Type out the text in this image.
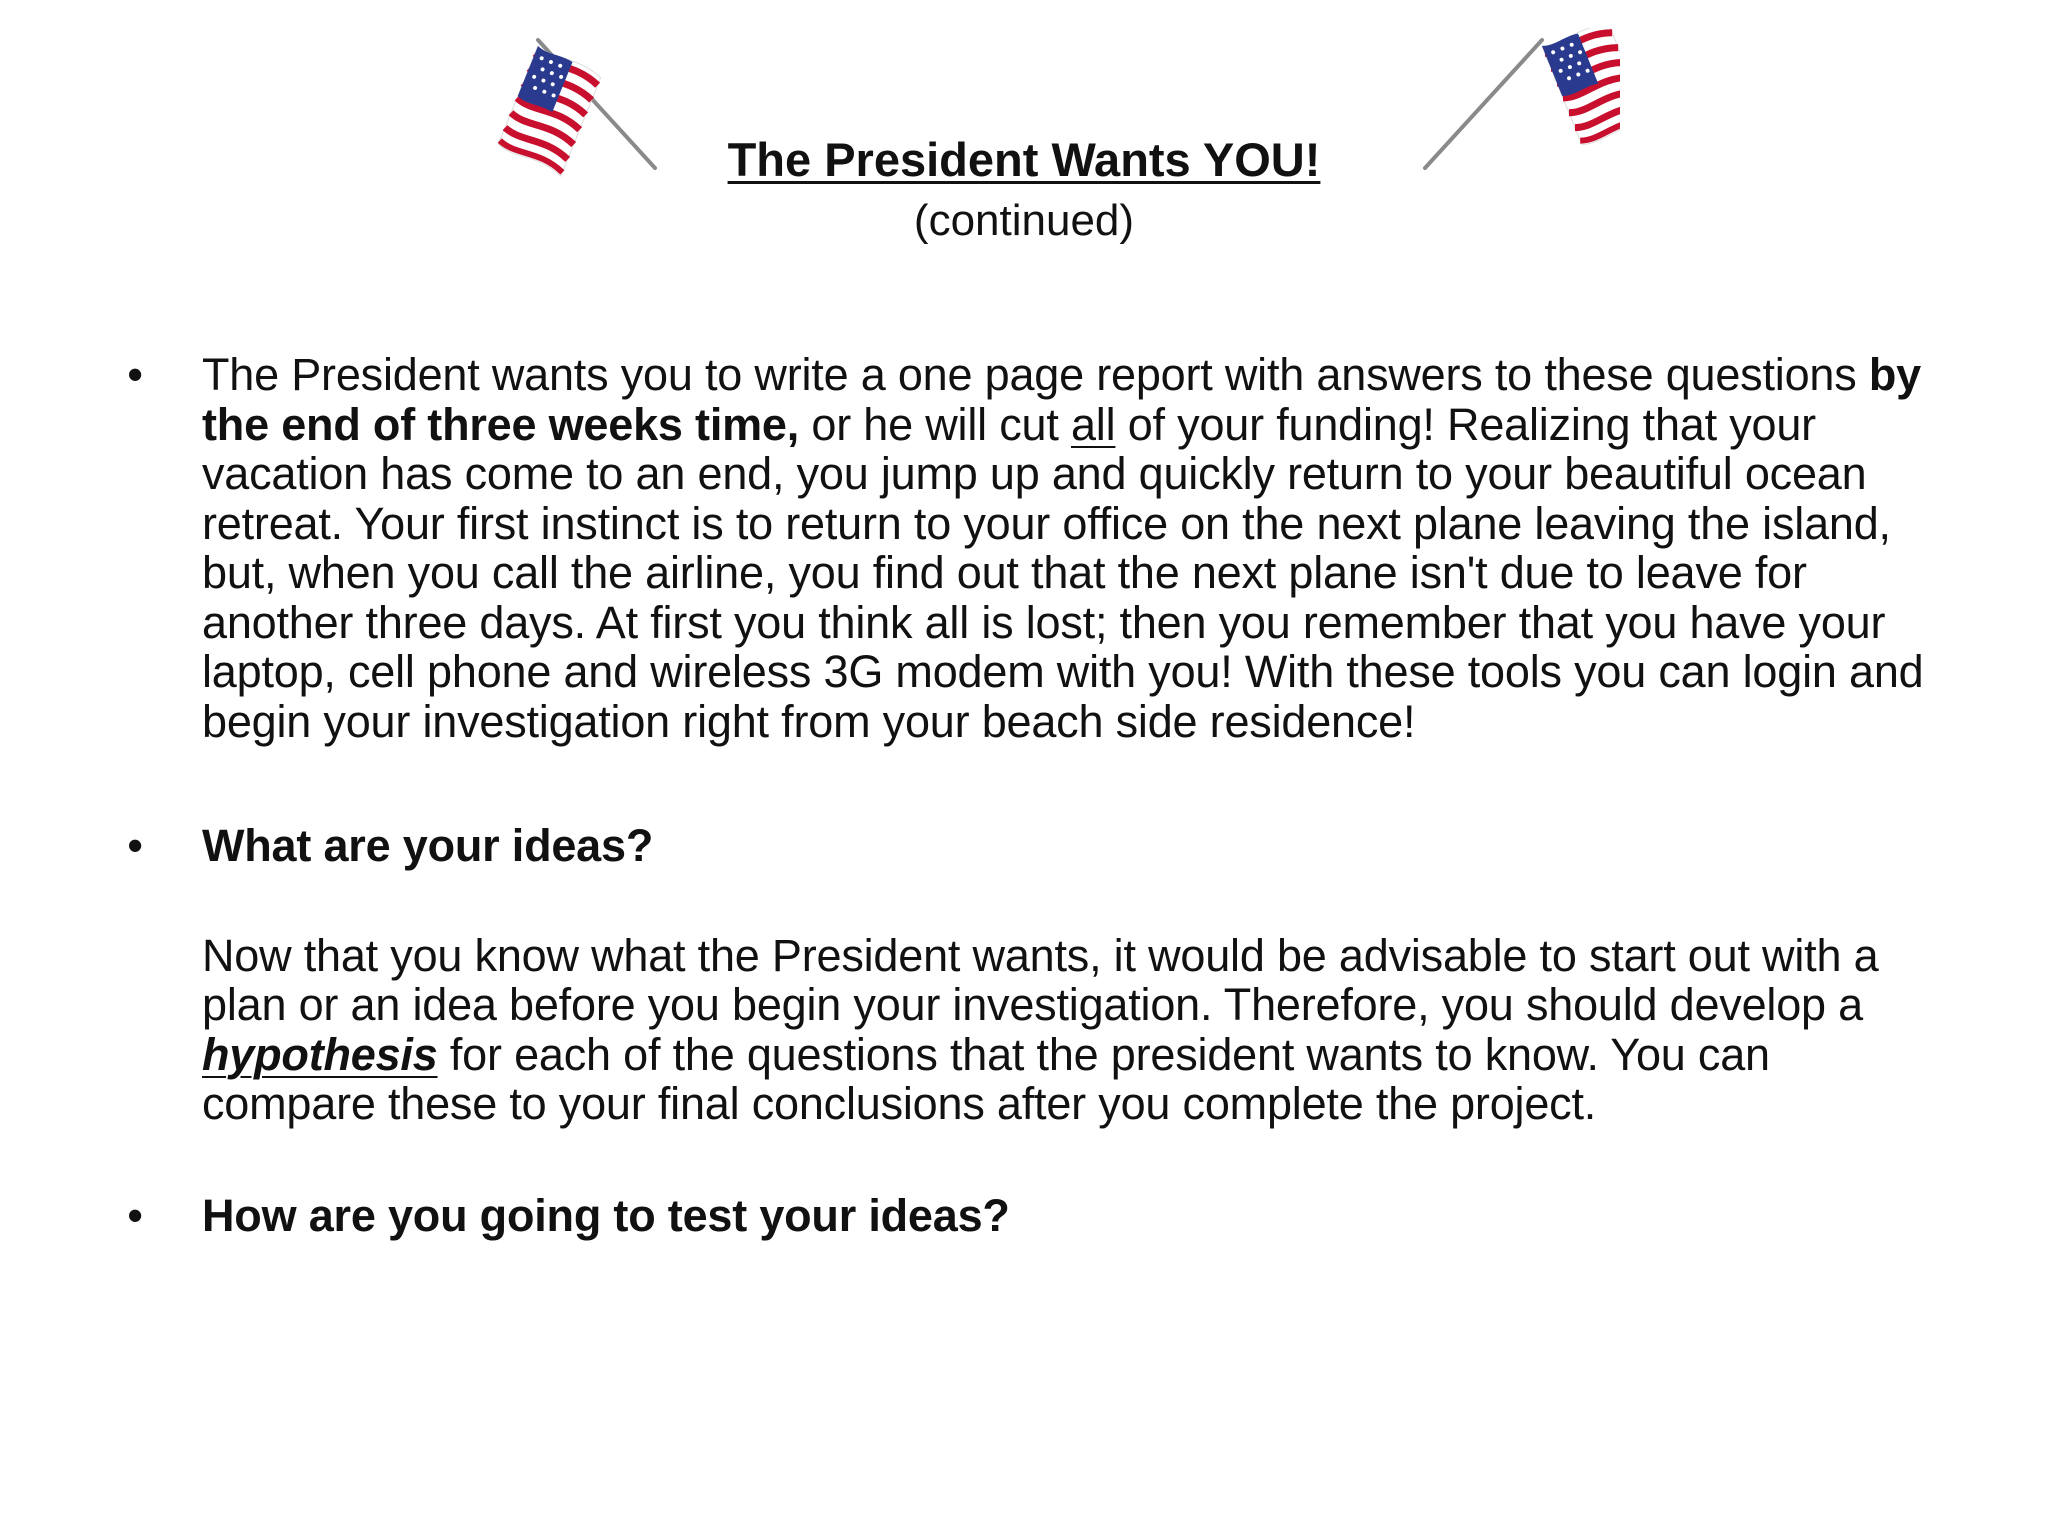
The President Wants YOU!
(continued)
• The President wants you to write a one page report with answers to these questions by the end of three weeks time, or he will cut all of your funding! Realizing that your vacation has come to an end, you jump up and quickly return to your beautiful ocean retreat. Your first instinct is to return to your office on the next plane leaving the island, but, when you call the airline, you find out that the next plane isn't due to leave for another three days. At first you think all is lost; then you remember that you have your laptop, cell phone and wireless 3G modem with you! With these tools you can login and begin your investigation right from your beach side residence!
• What are your ideas?
Now that you know what the President wants, it would be advisable to start out with a plan or an idea before you begin your investigation. Therefore, you should develop a hypothesis for each of the questions that the president wants to know. You can compare these to your final conclusions after you complete the project.
• How are you going to test your ideas?
